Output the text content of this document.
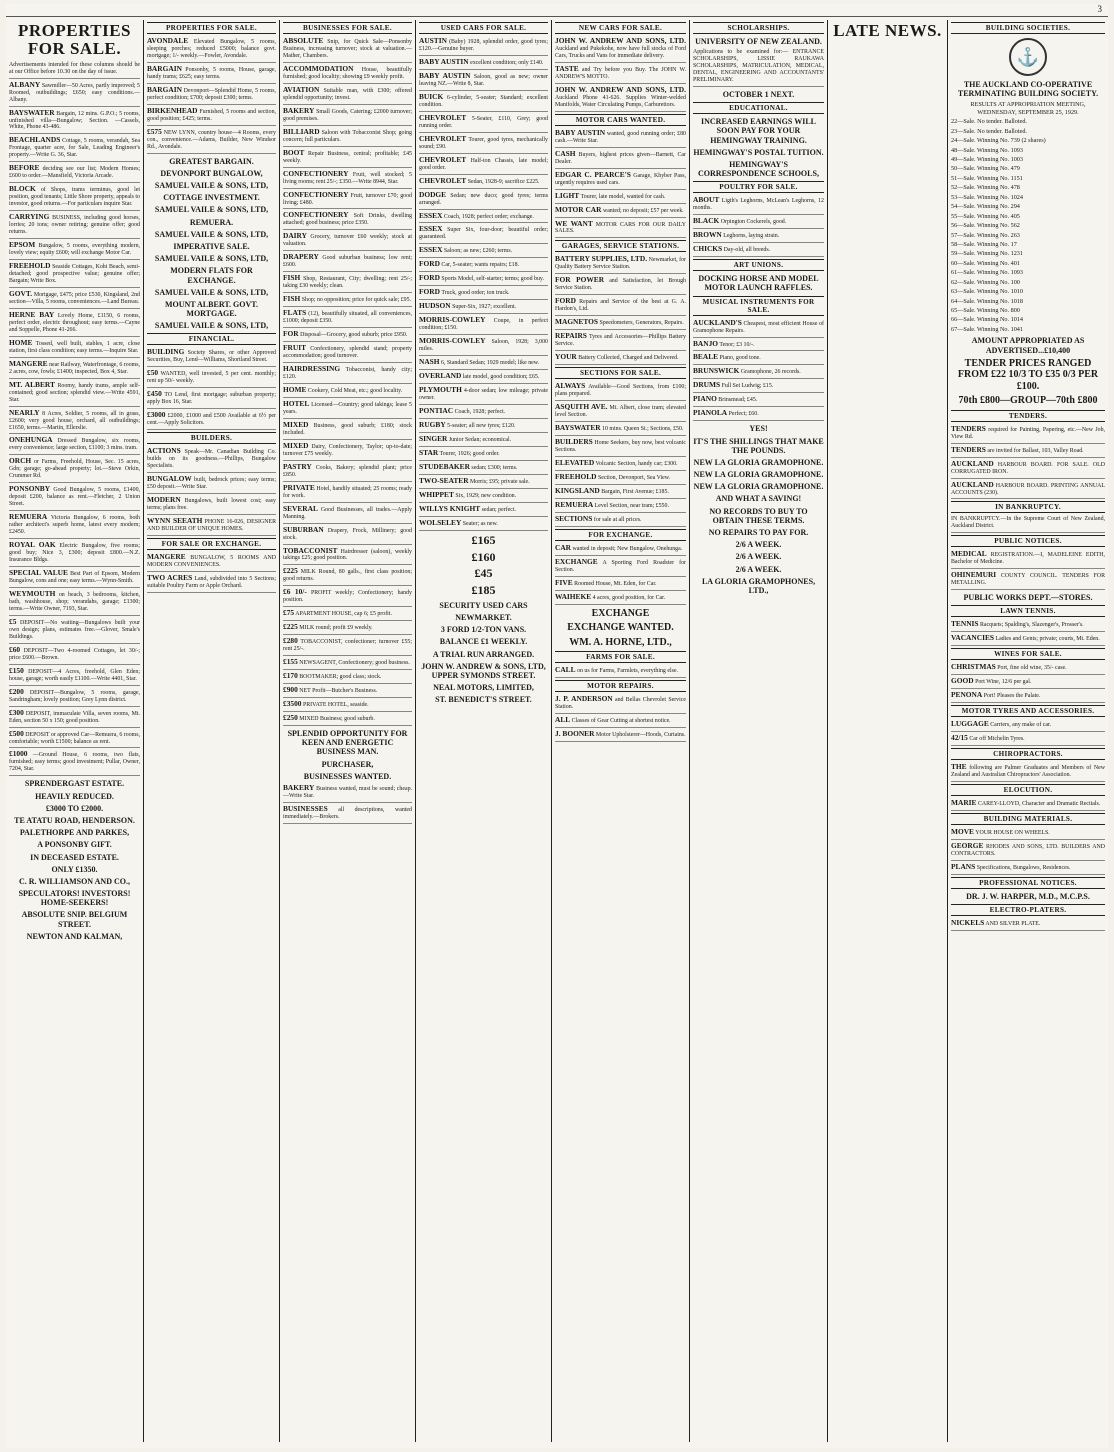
3
PROPERTIES FOR SALE.
Advertisements intended for these columns should be at our Office before 10.30 on the day of issue.
ALBANY Sawmiller—50 Acres, partly improved; 5 Roomed, outbuildings; £650; easy conditions.—Albany.
BAYSWATER Bargain, 12 mins. G.P.O.; 5 rooms, unfinished villa—Bungalow; Section. —Cassels, White, Phone 43-486.
BEACHLANDS Cottage, 5 rooms, verandah, Sea Frontage, quarter acre, for Sale, Leading Engineer's property.—Write G. 36, Star.
BEFORE deciding see our list; Modern Homes; £600 to order.—Mansfield, Victoria Arcade.
BLOCK of Shops, trams terminus, good let position, good tenants; Little Shore property, appeals to investor, good returns.—For particulars inquire Star.
CARRYING BUSINESS, including good horses, lorries; 20 tons; owner retiring; genuine offer; good returns.
EPSOM Bungalow, 5 rooms, everything modern, lovely view; equity £600; will exchange Motor Car.
FREEHOLD Seaside Cottages, Kohi Beach, semi-detached; good prospective value; genuine offer; Bargain; Write Box.
GOVT. Mortgage, £475; price £530, Kingsland, 2nd section—Villa, 5 rooms, conveniences.—Land Bureau.
HERNE BAY Lovely Home, £1150, 6 rooms, perfect order, electric throughout; easy terms.—Cayne and Soppelle, Phone 41-266.
HOME Tossed, well built, stables, 1 acre, close station, first class condition; easy terms.—Inquire Star.
MANGERE near Railway, Waterfrontage, 6 rooms, 2 acres, cow, fowls; £1400; inspected, Box 4, Star.
MT. ALBERT Roomy, handy trams, ample self-contained; good section; splendid view.—Write 4591, Star.
NEARLY 8 Acres, Soldier, 5 rooms, all in grass, £2600; very good house, orchard, all outbuildings; £1650, terms.—Martin, Ellerslie.
ONEHUNGA Dressed Bungalow, six rooms, every convenience; large section, £1100; 3 mins. tram.
ORCH or Farms, Freehold, House, Sec. 15 acres, Gdn; garage; go-ahead property; lot.—Steve Orkin, Crummer Rd.
PONSONBY Good Bungalow, 5 rooms, £1400, deposit £200, balance as rent.—Fletcher, 2 Union Street.
REMUERA Victoria Bungalow, 6 rooms, both rather architect's superb home, latest every modern; £2450.
ROYAL OAK Electric Bungalow, five rooms; good buy; Nice 3, £300; deposit £800.—N.Z. Insurance Bldgs.
SPECIAL VALUE Best Part of Epsom, Modern Bungalow, cons and one; easy terms.—Wynn-Smith.
WEYMOUTH on beach, 3 bedrooms, kitchen, bath, washhouse, shop; verandahs, garage; £1300; terms.—Write Owner, 7193, Star.
£5 DEPOSIT—No waiting—Bungalows built your own design; plans, estimates free.—Glover, Smale's Buildings.
£60 DEPOSIT—Two 4-roomed Cottages, let 30/-; price £600.—Brown.
£150 DEPOSIT—4 Acres, freehold, Glen Eden; house, garage; worth easily £1100.—Write 4401, Star.
£200 DEPOSIT—Bungalow, 5 rooms, garage, Sandringham; lovely position; Grey Lynn district.
£300 DEPOSIT, immaculate Villa, seven rooms, Mt. Eden, section 50 x 150; good position.
£500 DEPOSIT or approved Car—Remuera, 6 rooms, comfortable; worth £1500; balance as rent.
£1000 —Ground House, 6 rooms, two flats, furnished; easy terms; good investment; Pullar, Owner, 7204, Star.
SPRENDERGAST ESTATE.
HEAVILY REDUCED.
£3000 TO £2000.
TE ATATU ROAD, HENDERSON.
PALETHORPE AND PARKES,
A PONSONBY GIFT.
IN DECEASED ESTATE.
ONLY £1350.
C. R. WILLIAMSON AND CO.,
SPECULATORS! INVESTORS! HOME-SEEKERS!
ABSOLUTE SNIP. BELGIUM STREET.
NEWTON AND KALMAN,
PROPERTIES FOR SALE.
AVONDALE Elevated Bungalow, 5 rooms, sleeping porches; reduced £5000; balance govt. mortgage; 1/- weekly.—Fowler, Avondale.
BARGAIN Ponsonby, 5 rooms, House, garage, handy trams; £625; easy terms.
BARGAIN Devonport—Splendid Home, 5 rooms, perfect condition; £700; deposit £300; terms.
BIRKENHEAD Furnished, 5 rooms and section, good position; £425; terms.
£575 NEW LYNN, country house—4 Rooms, every con., convenience.—Adams, Builder, New Windsor Rd., Avondale.
GREATEST BARGAIN.
DEVONPORT BUNGALOW,
SAMUEL VAILE & SONS, LTD,
COTTAGE INVESTMENT.
SAMUEL VAILE & SONS, LTD,
REMUERA.
SAMUEL VAILE & SONS, LTD,
IMPERATIVE SALE.
SAMUEL VAILE & SONS, LTD,
MODERN FLATS FOR EXCHANGE.
SAMUEL VAILE & SONS, LTD,
MOUNT ALBERT. GOVT. MORTGAGE.
SAMUEL VAILE & SONS, LTD,
FINANCIAL.
BUILDING Society Shares, or other Approved Securities, Buy, Lend—Williams, Shortland Street.
£50 WANTED, well invested, 5 per cent. monthly; rent up 50/- weekly.
£450 TO Lend, first mortgage; suburban property; apply Box 16, Star.
£3000 £2000, £1000 and £500 Available at 6½ per cent.—Apply Solicitors.
BUILDERS.
ACTIONS Speak—Mr. Canadian Building Co. builds on its goodness.—Phillips, Bungalow Specialists.
BUNGALOW built, bedrock prices; easy terms; £50 deposit.—Write Star.
MODERN Bungalows, built lowest cost; easy terms; plans free.
WYNN SEEATH PHONE 16-026, DESIGNER AND BUILDER OF UNIQUE HOMES.
FOR SALE OR EXCHANGE.
MANGERE BUNGALOW, 5 ROOMS AND MODERN CONVENIENCES.
TWO ACRES Land, subdivided into 5 Sections; suitable Poultry Farm or Apple Orchard.
BUSINESSES FOR SALE.
ABSOLUTE Snip, for Quick Sale—Ponsonby Business, increasing turnover; stock at valuation.—Mather, Chambers.
ACCOMMODATION House, beautifully furnished; good locality; showing £9 weekly profit.
AVIATION Suitable man, with £300; offered splendid opportunity; invest.
BAKERY Small Goods, Catering; £2000 turnover; good premises.
BILLIARD Saloon with Tobacconist Shop; going concern; full particulars.
BOOT Repair Business, central; profitable; £45 weekly.
CONFECTIONERY Fruit, well stocked; 5 living rooms; rent 25/-; £350.—Write 8944, Star.
CONFECTIONERY Fruit, turnover £70; good living; £480.
CONFECTIONERY Soft Drinks, dwelling attached; good business; price £350.
DAIRY Grocery, turnover £60 weekly; stock at valuation.
DRAPERY Good suburban business; low rent; £600.
FISH Shop, Restaurant, City; dwelling; rent 25/-; taking £30 weekly; clean.
FISH Shop; no opposition; price for quick sale; £95.
FLATS (12), beautifully situated, all conveniences, £1000; deposit £350.
FOR Disposal—Grocery, good suburb; price £950.
FRUIT Confectionery, splendid stand; property accommodation; good turnover.
HAIRDRESSING Tobacconist, handy city; £120.
HOME Cookery, Cold Meat, etc.; good locality.
HOTEL Licensed—Country; good takings; lease 5 years.
MIXED Business, good suburb; £180; stock included.
MIXED Dairy, Confectionery, Taylor; up-to-date; turnover £75 weekly.
PASTRY Cooks, Bakery; splendid plant; price £850.
PRIVATE Hotel, handily situated; 25 rooms; ready for work.
SEVERAL Good Businesses, all trades.—Apply Manning.
SUBURBAN Drapery, Frock, Millinery; good stock.
TOBACCONIST Hairdresser (saloon), weekly takings £25; good position.
£225 MILK Round, 80 galls., first class position; good returns.
£6 10/- PROFIT weekly; Confectionery; handy position.
£75 APARTMENT HOUSE, cap 6; £5 profit.
£225 MILK round; profit £9 weekly.
£280 TOBACCONIST, confectioner; turnover £55; rent 25/-.
£155 NEWSAGENT, Confectionery; good business.
£170 BOOTMAKER; good class; stock.
£900 NET Profit—Butcher's Business.
£3500 PRIVATE HOTEL, seaside.
£250 MIXED Business; good suburb.
SPLENDID OPPORTUNITY FOR KEEN AND ENERGETIC BUSINESS MAN.
PURCHASER,
BUSINESSES WANTED.
BAKERY Business wanted, must be sound; cheap.—Write Star.
BUSINESSES all descriptions, wanted immediately.—Brokers.
USED CARS FOR SALE.
AUSTIN (Baby) 1928, splendid order, good tyres; £120.—Genuine buyer.
BABY AUSTIN excellent condition; only £140.
BABY AUSTIN Saloon, good as new; owner leaving NZ.—Write 8, Star.
BUICK 6-cylinder, 5-seater; Standard; excellent condition.
CHEVROLET 5-Seater, £110, Grey; good running order.
CHEVROLET Tourer, good tyres, mechanically sound; £90.
CHEVROLET Half-ton Chassis, late model; good order.
CHEVROLET Sedan, 1928-9; sacrifice £225.
DODGE Sedan; new duco; good tyres; terms arranged.
ESSEX Coach, 1928; perfect order; exchange.
ESSEX Super Six, four-door; beautiful order; guaranteed.
ESSEX Saloon; as new; £260; terms.
FORD Car, 5-seater; wants repairs; £18.
FORD Sports Model, self-starter; terms; good buy.
FORD Truck, good order; ton truck.
HUDSON Super-Six, 1927; excellent.
MORRIS-COWLEY Coupe, in perfect condition; £150.
MORRIS-COWLEY Saloon, 1928; 3,000 miles.
NASH 6, Standard Sedan; 1929 model; like new.
OVERLAND late model, good condition; £65.
PLYMOUTH 4-door sedan; low mileage; private owner.
PONTIAC Coach, 1928; perfect.
RUGBY 5-seater; all new tyres; £120.
SINGER Junior Sedan; economical.
STAR Tourer, 1926; good order.
STUDEBAKER sedan; £300; terms.
TWO-SEATER Morris; £95; private sale.
WHIPPET Six, 1929; new condition.
WILLYS KNIGHT sedan; perfect.
WOLSELEY Seater; as new.
£165
£160
£45
£185
SECURITY USED CARS
NEWMARKET.
3 FORD 1/2-TON VANS.
BALANCE £1 WEEKLY.
A TRIAL RUN ARRANGED.
JOHN W. ANDREW & SONS, LTD, UPPER SYMONDS STREET.
NEAL MOTORS, LIMITED,
ST. BENEDICT'S STREET.
NEW CARS FOR SALE.
JOHN W. ANDREW AND SONS, LTD. Auckland and Pukekohe, now have full stocks of Ford Cars, Trucks and Vans for immediate delivery.
TASTE and Try before you Buy. The JOHN W. ANDREW'S MOTTO.
JOHN W. ANDREW AND SONS, LTD. Auckland Phone 41-626. Supplies Winter-welded Manifolds, Water Circulating Pumps, Carburettors.
MOTOR CARS WANTED.
BABY AUSTIN wanted, good running order; £80 cash.—Write Star.
CASH Buyers, highest prices given—Barnett, Car Dealer.
EDGAR C. PEARCE'S Garage, Khyber Pass, urgently requires used cars.
LIGHT Tourer, late model, wanted for cash.
MOTOR CAR wanted; no deposit; £57 per week.
WE WANT MOTOR CARS FOR OUR DAILY SALES.
GARAGES, SERVICE STATIONS.
BATTERY SUPPLIES, LTD. Newmarket, for Quality Battery Service Station.
FOR POWER and Satisfaction, let Brough Service Station.
FORD Repairs and Service of the best at G. A. Hardon's, Ltd.
MAGNETOS Speedometers, Generators, Repairs.
REPAIRS Tyres and Accessories—Phillips Battery Service.
YOUR Battery Collected, Charged and Delivered.
SECTIONS FOR SALE.
ALWAYS Available—Good Sections, from £100; plans prepared.
ASQUITH AVE. Mt. Albert, close tram; elevated level Section.
BAYSWATER 10 mins. Queen St.; Sections, £50.
BUILDERS Home Seekers, buy now, best volcanic Sections.
ELEVATED Volcanic Section, handy car; £300.
FREEHOLD Section, Devonport, Sea View.
KINGSLAND Bargain, First Avenue; £185.
REMUERA Level Section, near tram; £550.
SECTIONS for sale at all prices.
FOR EXCHANGE.
CAR wanted in deposit; New Bungalow, Onehunga.
EXCHANGE A Sporting Ford Roadster for Section.
FIVE Roomed House, Mt. Eden, for Car.
WAIHEKE 4 acres, good position, for Car.
EXCHANGE
EXCHANGE WANTED.
WM. A. HORNE, LTD.,
FARMS FOR SALE.
CALL on us for Farms, Farmlets, everything else.
MOTOR REPAIRS.
J. P. ANDERSON and Bellas Chevrolet Service Station.
ALL Classes of Gear Cutting at shortest notice.
J. BOONER Motor Upholsterer—Hoods, Curtains.
SCHOLARSHIPS.
UNIVERSITY OF NEW ZEALAND.
Applications to be examined for:— ENTRANCE SCHOLARSHIPS, LISSIE RAUKAWA SCHOLARSHIPS, MATRICULATION, MEDICAL, DENTAL, ENGINEERING AND ACCOUNTANTS' PRELIMINARY.
OCTOBER 1 NEXT.
EDUCATIONAL.
INCREASED EARNINGS WILL SOON PAY FOR YOUR HEMINGWAY TRAINING.
HEMINGWAY'S POSTAL TUITION.
HEMINGWAY'S CORRESPONDENCE SCHOOLS,
POULTRY FOR SALE.
ABOUT Ligth's Leghorns, McLean's Leghorns, 12 months.
BLACK Orpington Cockerels, good.
BROWN Leghorns, laying strain.
CHICKS Day-old, all breeds.
ART UNIONS.
DOCKING HORSE AND MODEL MOTOR LAUNCH RAFFLES.
MUSICAL INSTRUMENTS FOR SALE.
AUCKLAND'S Cheapest, most efficient House of Gramophone Repairs.
BANJO Tenor; £3 10/-.
BEALE Piano, good tone.
BRUNSWICK Gramophone, 26 records.
DRUMS Full Set Ludwig; £15.
PIANO Brinsmead; £45.
PIANOLA Perfect; £60.
YES!
IT'S THE SHILLINGS THAT MAKE THE POUNDS.
NEW LA GLORIA GRAMOPHONE.
NEW LA GLORIA GRAMOPHONE.
NEW LA GLORIA GRAMOPHONE.
AND WHAT A SAVING!
NO RECORDS TO BUY TO OBTAIN THESE TERMS.
NO REPAIRS TO PAY FOR.
2/6 A WEEK.
2/6 A WEEK.
2/6 A WEEK.
LA GLORIA GRAMOPHONES, LTD.,
LATE NEWS.	BUILDING SOCIETIES.
⚓
THE AUCKLAND CO-OPERATIVE TERMINATING BUILDING SOCIETY.
RESULTS AT APPROPRIATION MEETING, WEDNESDAY, SEPTEMBER 25, 1929.
22—Sale. No tender. Balloted.
23—Sale. No tender. Balloted.
24—Sale. Winning No. 739 (2 shares)
48—Sale. Winning No. 1093
49—Sale. Winning No. 1003
50—Sale. Winning No. 479
51—Sale. Winning No. 1151
52—Sale. Winning No. 478
53—Sale. Winning No. 1024
54—Sale. Winning No. 294
55—Sale. Winning No. 405
56—Sale. Winning No. 562
57—Sale. Winning No. 263
58—Sale. Winning No. 17
59—Sale. Winning No. 1231
60—Sale. Winning No. 401
61—Sale. Winning No. 1093
62—Sale. Winning No. 100
63—Sale. Winning No. 1010
64—Sale. Winning No. 1018
65—Sale. Winning No. 800
66—Sale. Winning No. 1014
67—Sale. Winning No. 1041
AMOUNT APPROPRIATED AS ADVERTISED...£10,400
TENDER PRICES RANGED FROM £22 10/3 TO £35 0/3 PER £100.
70th £800—GROUP—70th £800
TENDERS.
TENDERS required for Painting, Papering, etc.—New Job, View Rd.
TENDERS are invited for Ballast, 103, Valley Road.
AUCKLAND HARBOUR BOARD. FOR SALE. OLD CORRUGATED IRON.
AUCKLAND HARBOUR BOARD. PRINTING ANNUAL ACCOUNTS (230).
IN BANKRUPTCY.
IN BANKRUPTCY.—In the Supreme Court of New Zealand, Auckland District.
PUBLIC NOTICES.
MEDICAL REGISTRATION.—I, MADELEINE EDITH, Bachelor of Medicine.
OHINEMURI COUNTY COUNCIL. TENDERS FOR METALLING.
PUBLIC WORKS DEPT.—STORES.
LAWN TENNIS.
TENNIS Racquets; Spalding's, Slazenger's, Prosser's.
VACANCIES Ladies and Gents; private; courts, Mt. Eden.
WINES FOR SALE.
CHRISTMAS Port, fine old wine, 35/- case.
GOOD Port Wine, 12/6 per gal.
PENONA Port! Pleases the Palate.
MOTOR TYRES AND ACCESSORIES.
LUGGAGE Carriers, any make of car.
42/15 Car off Michelin Tyres.
CHIROPRACTORS.
THE following are Palmer Graduates and Members of New Zealand and Australian Chiropractors' Association.
ELOCUTION.
MARIE CAREY-LLOYD, Character and Dramatic Recitals.
BUILDING MATERIALS.
MOVE YOUR HOUSE ON WHEELS.
GEORGE RHODES AND SONS, LTD. BUILDERS AND CONTRACTORS.
PLANS Specifications, Bungalows, Residences.
PROFESSIONAL NOTICES.
DR. J. W. HARPER, M.D., M.C.P.S.
ELECTRO-PLATERS.
NICKELS AND SILVER PLATE.
